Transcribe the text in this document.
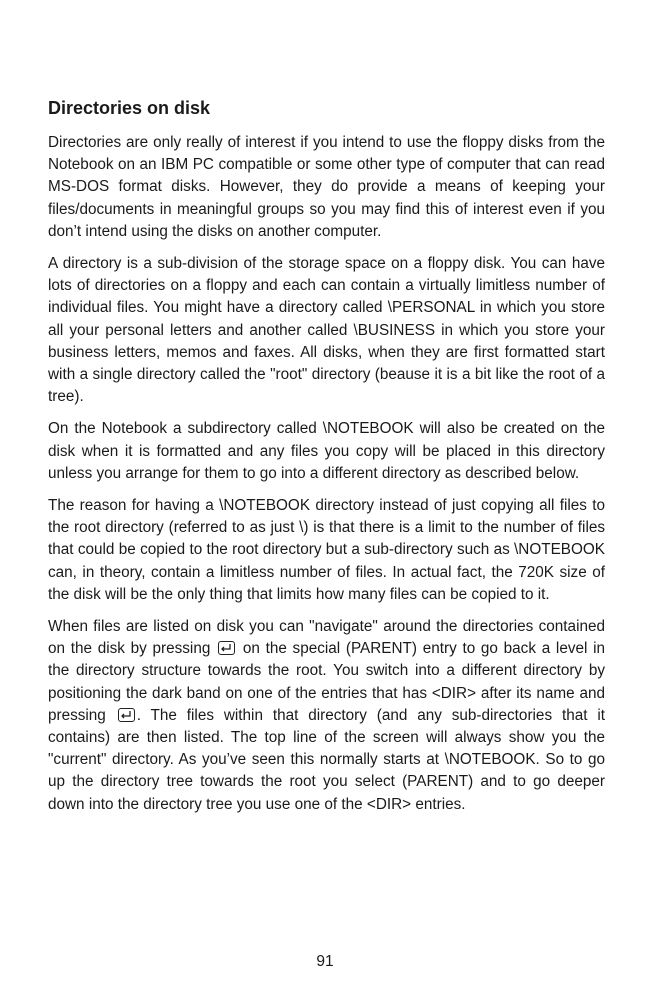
Directories on disk

Directories are only really of interest if you intend to use the floppy disks from the Notebook on an IBM PC compatible or some other type of computer that can read MS-DOS format disks. However, they do provide a means of keeping your files/documents in meaningful groups so you may find this of interest even if you don’t intend using the disks on another computer.

A directory is a sub-division of the storage space on a floppy disk. You can have lots of directories on a floppy and each can contain a virtually limitless number of individual files. You might have a directory called \PERSONAL in which you store all your personal letters and another called \BUSINESS in which you store your business letters, memos and faxes. All disks, when they are first formatted start with a single directory called the "root" directory (beause it is a bit like the root of a tree).

On the Notebook a subdirectory called \NOTEBOOK will also be created on the disk when it is formatted and any files you copy will be placed in this directory unless you arrange for them to go into a different directory as described below.

The reason for having a \NOTEBOOK directory instead of just copying all files to the root directory (referred to as just \) is that there is a limit to the number of files that could be copied to the root directory but a sub-directory such as \NOTEBOOK can, in theory, contain a limitless number of files. In actual fact, the 720K size of the disk will be the only thing that limits how many files can be copied to it.

When files are listed on disk you can "navigate" around the directories contained on the disk by pressing on the special (PARENT) entry to go back a level in the directory structure towards the root. You switch into a different directory by positioning the dark band on one of the entries that has <DIR> after its name and pressing . The files within that directory (and any sub-directories that it contains) are then listed. The top line of the screen will always show you the "current" directory. As you’ve seen this normally starts at \NOTEBOOK. So to go up the directory tree towards the root you select (PARENT) and to go deeper down into the directory tree you use one of the <DIR> entries.

91
